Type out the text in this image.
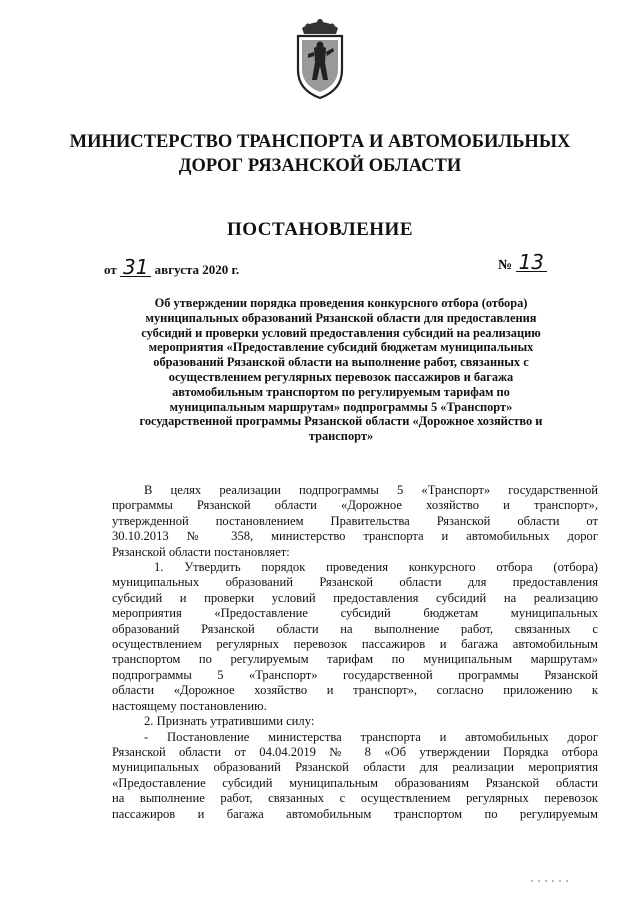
МИНИСТЕРСТВО ТРАНСПОРТА И АВТОМОБИЛЬНЫХ
ДОРОГ РЯЗАНСКОЙ ОБЛАСТИ
ПОСТАНОВЛЕНИЕ
от 31 августа 2020 г.	№ 13
Об утверждении порядка проведения конкурсного отбора (отбора)
муниципальных образований Рязанской области для предоставления
субсидий и проверки условий предоставления субсидий на реализацию
мероприятия «Предоставление субсидий бюджетам муниципальных
образований Рязанской области на выполнение работ, связанных с
осуществлением регулярных перевозок пассажиров и багажа
автомобильным транспортом по регулируемым тарифам по
муниципальным маршрутам» подпрограммы 5 «Транспорт»
государственной программы Рязанской области «Дорожное хозяйство и
транспорт»
В целях реализации подпрограммы 5 «Транспорт» государственной
программы Рязанской области «Дорожное хозяйство и транспорт»,
утвержденной постановлением Правительства Рязанской области от
30.10.2013 № 358, министерство транспорта и автомобильных дорог
Рязанской области постановляет:
1. Утвердить порядок проведения конкурсного отбора (отбора)
муниципальных образований Рязанской области для предоставления
субсидий и проверки условий предоставления субсидий на реализацию
мероприятия «Предоставление субсидий бюджетам муниципальных
образований Рязанской области на выполнение работ, связанных с
осуществлением регулярных перевозок пассажиров и багажа автомобильным
транспортом по регулируемым тарифам по муниципальным маршрутам»
подпрограммы 5 «Транспорт» государственной программы Рязанской
области «Дорожное хозяйство и транспорт», согласно приложению к
настоящему постановлению.
2. Признать утратившими силу:
- Постановление министерства транспорта и автомобильных дорог
Рязанской области от 04.04.2019 № 8 «Об утверждении Порядка отбора
муниципальных образований Рязанской области для реализации мероприятия
«Предоставление субсидий муниципальным образованиям Рязанской области
на выполнение работ, связанных с осуществлением регулярных перевозок
пассажиров и багажа автомобильным транспортом по регулируемым
